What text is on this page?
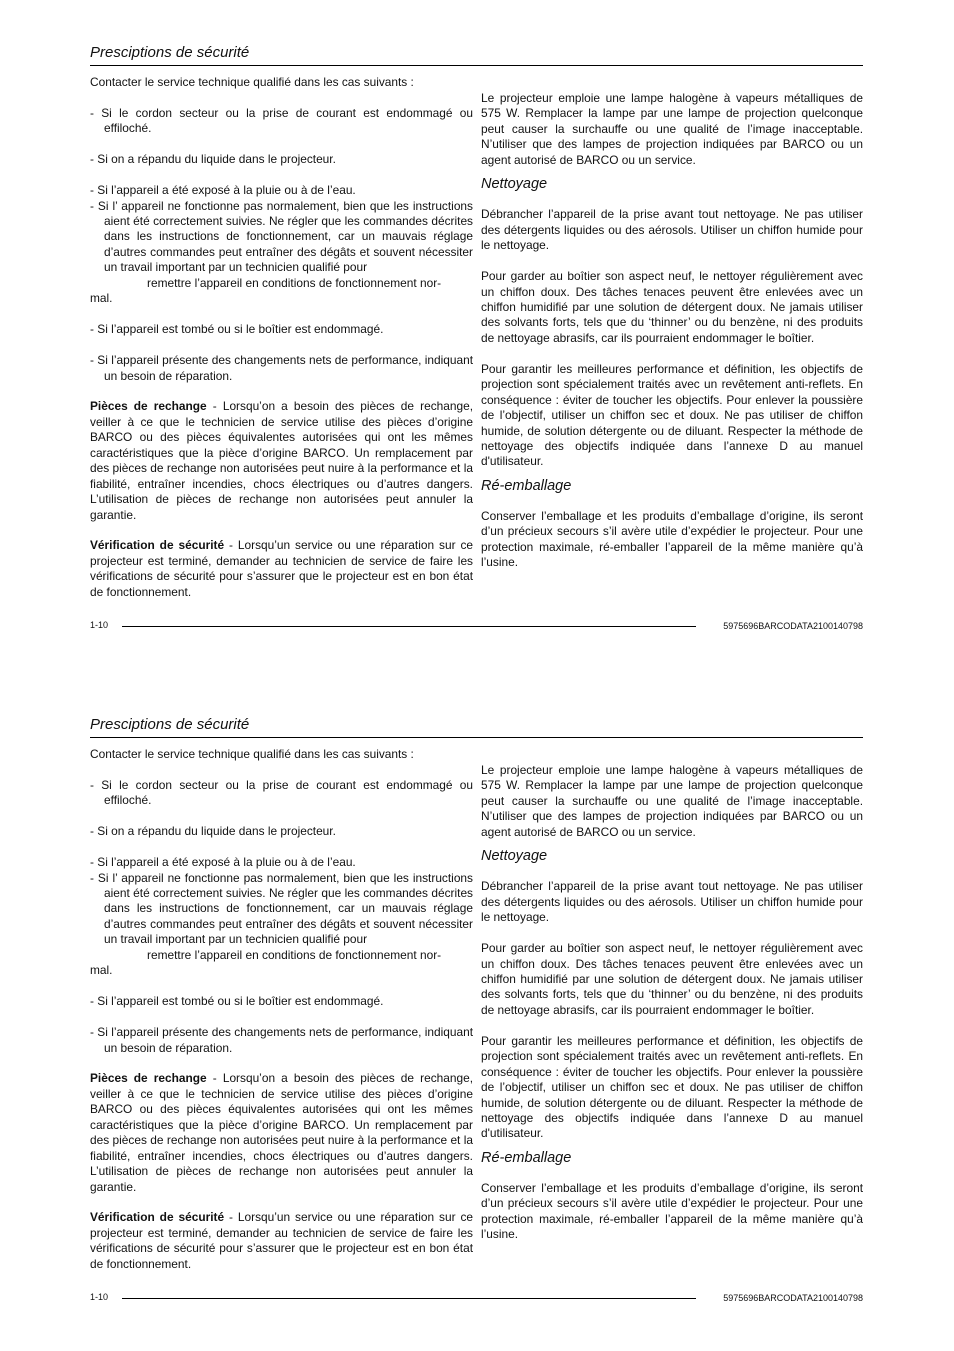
Presciptions de sécurité

Contacter le service technique qualifié dans les cas suivants :

- Si le cordon secteur ou la prise de courant est endommagé ou effiloché.

- Si on a répandu du liquide dans le projecteur.

- Si l’appareil a été exposé à la pluie ou à de l’eau.

- Si l’ appareil ne fonctionne pas normalement, bien que les instructions aient été correctement suivies. Ne régler que les commandes décrites dans les instructions de fonctionnement, car un mauvais réglage d’autres commandes peut entraîner des dégâts et souvent nécessiter un travail important par un technicien qualifié pour

remettre l’appareil en conditions de fonctionnement nor-

mal.

- Si l’appareil est tombé ou si le boîtier est endommagé.

- Si l’appareil présente des changements nets de performance, indiquant un besoin de réparation.

Pièces de rechange - Lorsqu’on a besoin des pièces de rechange, veiller à ce que le technicien de service utilise des pièces d’origine BARCO ou des pièces équivalentes autorisées qui ont les mêmes caractéristiques que la pièce d’origine BARCO. Un remplacement par des pièces de rechange non autorisées peut nuire à la performance et la fiabilité, entraîner incendies, chocs électriques ou d’autres dangers. L’utilisation de pièces de rechange non autorisées peut annuler la garantie.

Vérification de sécurité - Lorsqu’un service ou une réparation sur ce projecteur est terminé, demander au technicien de service de faire les vérifications de sécurité pour s’assurer que le projecteur est en bon état de fonctionnement.

Le projecteur emploie une lampe halogène à vapeurs métalliques de 575 W. Remplacer la lampe par une lampe de projection quelconque peut causer la surchauffe ou une qualité de l’image inacceptable. N’utiliser que des lampes de projection indiquées par BARCO ou un agent autorisé de BARCO ou un service.

Nettoyage

Débrancher l’appareil de la prise avant tout nettoyage. Ne pas utiliser des détergents liquides ou des aérosols. Utiliser un chiffon humide pour le nettoyage.

Pour garder au boîtier son aspect neuf, le nettoyer régulièrement avec un chiffon doux. Des tâches tenaces peuvent être enlevées avec un chiffon humidifié par une solution de détergent doux. Ne jamais utiliser des solvants forts, tels que du ‘thinner’ ou du benzène, ni des produits de nettoyage abrasifs, car ils pourraient endommager le boîtier.

Pour garantir les meilleures performance et définition, les objectifs de projection sont spécialement traités avec un revêtement anti-reflets. En conséquence : éviter de toucher les objectifs. Pour enlever la poussière de l’objectif, utiliser un chiffon sec et doux. Ne pas utiliser de chiffon humide, de solution détergente ou de diluant. Respecter la méthode de nettoyage des objectifs indiquée dans l’annexe D au manuel d'utilisateur.

Ré-emballage

Conserver l’emballage et les produits d’emballage d’origine, ils seront d’un précieux secours s’il avère utile d’expédier le projecteur. Pour une protection maximale, ré-emballer l’appareil de la même manière qu’à l’usine.

1-10	5975696BARCODATA2100140798
Presciptions de sécurité

Contacter le service technique qualifié dans les cas suivants :

- Si le cordon secteur ou la prise de courant est endommagé ou effiloché.

- Si on a répandu du liquide dans le projecteur.

- Si l’appareil a été exposé à la pluie ou à de l’eau.

- Si l’ appareil ne fonctionne pas normalement, bien que les instructions aient été correctement suivies. Ne régler que les commandes décrites dans les instructions de fonctionnement, car un mauvais réglage d’autres commandes peut entraîner des dégâts et souvent nécessiter un travail important par un technicien qualifié pour

remettre l’appareil en conditions de fonctionnement nor-

mal.

- Si l’appareil est tombé ou si le boîtier est endommagé.

- Si l’appareil présente des changements nets de performance, indiquant un besoin de réparation.

Pièces de rechange - Lorsqu’on a besoin des pièces de rechange, veiller à ce que le technicien de service utilise des pièces d’origine BARCO ou des pièces équivalentes autorisées qui ont les mêmes caractéristiques que la pièce d’origine BARCO. Un remplacement par des pièces de rechange non autorisées peut nuire à la performance et la fiabilité, entraîner incendies, chocs électriques ou d’autres dangers. L’utilisation de pièces de rechange non autorisées peut annuler la garantie.

Vérification de sécurité - Lorsqu’un service ou une réparation sur ce projecteur est terminé, demander au technicien de service de faire les vérifications de sécurité pour s’assurer que le projecteur est en bon état de fonctionnement.

Le projecteur emploie une lampe halogène à vapeurs métalliques de 575 W. Remplacer la lampe par une lampe de projection quelconque peut causer la surchauffe ou une qualité de l’image inacceptable. N’utiliser que des lampes de projection indiquées par BARCO ou un agent autorisé de BARCO ou un service.

Nettoyage

Débrancher l’appareil de la prise avant tout nettoyage. Ne pas utiliser des détergents liquides ou des aérosols. Utiliser un chiffon humide pour le nettoyage.

Pour garder au boîtier son aspect neuf, le nettoyer régulièrement avec un chiffon doux. Des tâches tenaces peuvent être enlevées avec un chiffon humidifié par une solution de détergent doux. Ne jamais utiliser des solvants forts, tels que du ‘thinner’ ou du benzène, ni des produits de nettoyage abrasifs, car ils pourraient endommager le boîtier.

Pour garantir les meilleures performance et définition, les objectifs de projection sont spécialement traités avec un revêtement anti-reflets. En conséquence : éviter de toucher les objectifs. Pour enlever la poussière de l’objectif, utiliser un chiffon sec et doux. Ne pas utiliser de chiffon humide, de solution détergente ou de diluant. Respecter la méthode de nettoyage des objectifs indiquée dans l’annexe D au manuel d'utilisateur.

Ré-emballage

Conserver l’emballage et les produits d’emballage d’origine, ils seront d’un précieux secours s’il avère utile d’expédier le projecteur. Pour une protection maximale, ré-emballer l’appareil de la même manière qu’à l’usine.

1-10	5975696BARCODATA2100140798
